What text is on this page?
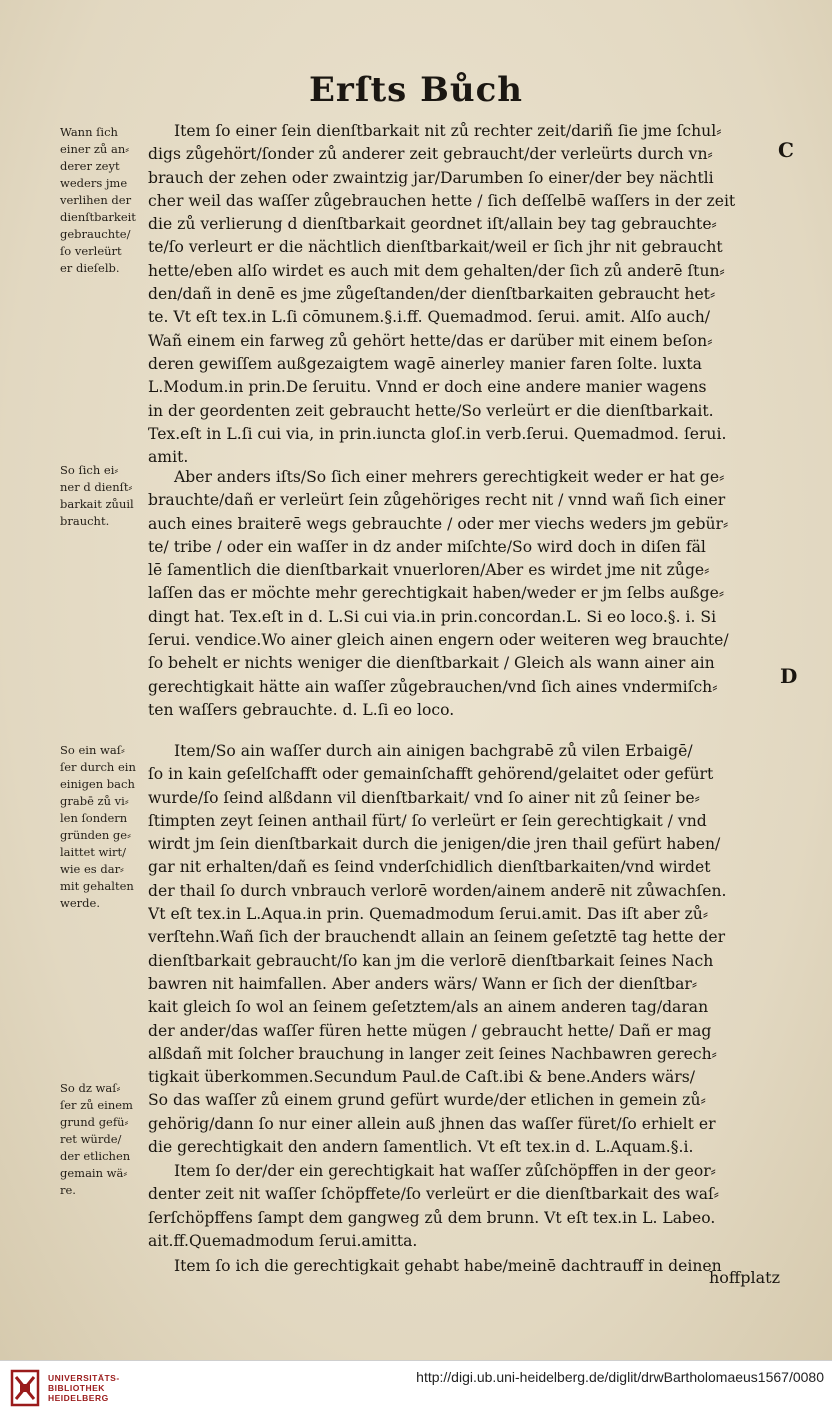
Erſts Bůch
Wann ſich
einer zů an⸗
derer zeyt
weders jme
verlihen der
dienſtbarkeit
gebrauchte/
ſo verleürt
er dieſelb.
So ſich ei⸗
ner d dienſt⸗
barkait zůuil
braucht.
So ein waſ⸗
ſer durch ein
einigen bach
grabē zů vi⸗
len ſondern
gründen ge⸗
laittet wirt/
wie es dar⸗
mit gehalten
werde.
So dz waſ⸗
ſer zů einem
grund gefü⸗
ret würde/
der etlichen
gemain wä⸗
re.
Item ſo einer ſein dienſtbarkait nit zů rechter zeit/dariñ ſie jme ſchul⸗
digs zůgehört/ſonder zů anderer zeit gebraucht/der verleürts durch vn⸗
brauch der zehen oder zwaintzig jar/Darumben ſo einer/der bey nächtli
cher weil das waſſer zůgebrauchen hette / ſich deſſelbē waſſers in der zeit
die zů verlierung d dienſtbarkait geordnet iſt/allain bey tag gebrauchte⸗
te/ſo verleurt er die nächtlich dienſtbarkait/weil er ſich jhr nit gebraucht
hette/eben alſo wirdet es auch mit dem gehalten/der ſich zů anderē ſtun⸗
den/dañ in denē es jme zůgeſtanden/der dienſtbarkaiten gebraucht het⸗
te. Vt eſt tex.in L.ſi cōmunem.§.i.ff. Quemadmod. ſerui. amit. Alſo auch/
Wañ einem ein farweg zů gehört hette/das er darüber mit einem beſon⸗
deren gewiſſem außgezaigtem wagē ainerley manier faren ſolte. luxta
L.Modum.in prin.De ſeruitu. Vnnd er doch eine andere manier wagens
in der geordenten zeit gebraucht hette/So verleürt er die dienſtbarkait.
Tex.eſt in L.ſi cui via, in prin.iuncta gloſ.in verb.ſerui. Quemadmod. ſerui.
amit.
Aber anders iſts/So ſich einer mehrers gerechtigkeit weder er hat ge⸗
brauchte/dañ er verleürt ſein zůgehöriges recht nit / vnnd wañ ſich einer
auch eines braiterē wegs gebrauchte / oder mer viechs weders jm gebür⸗
te/ tribe / oder ein waſſer in dz ander miſchte/So wird doch in diſen fäl
lē ſamentlich die dienſtbarkait vnuerloren/Aber es wirdet jme nit zůge⸗
laſſen das er möchte mehr gerechtigkait haben/weder er jm ſelbs außge⸗
dingt hat. Tex.eſt in d. L.Si cui via.in prin.concordan.L. Si eo loco.§. i. Si
ſerui. vendice.Wo ainer gleich ainen engern oder weiteren weg brauchte/
ſo behelt er nichts weniger die dienſtbarkait / Gleich als wann ainer ain
gerechtigkait hätte ain waſſer zůgebrauchen/vnd ſich aines vndermiſch⸗
ten waſſers gebrauchte. d. L.ſi eo loco.
Item/So ain waſſer durch ain ainigen bachgrabē zů vilen Erbaigē/
ſo in kain geſelſchafft oder gemainſchafft gehörend/gelaitet oder gefürt
wurde/ſo ſeind alßdann vil dienſtbarkait/ vnd ſo ainer nit zů ſeiner be⸗
ſtimpten zeyt ſeinen anthail fürt/ ſo verleürt er ſein gerechtigkait / vnd
wirdt jm ſein dienſtbarkait durch die jenigen/die jren thail gefürt haben/
gar nit erhalten/dañ es ſeind vnderſchidlich dienſtbarkaiten/vnd wirdet
der thail ſo durch vnbrauch verlorē worden/ainem anderē nit zůwachſen.
Vt eſt tex.in L.Aqua.in prin. Quemadmodum ſerui.amit. Das iſt aber zů⸗
verſtehn.Wañ ſich der brauchendt allain an ſeinem geſetztē tag hette der
dienſtbarkait gebraucht/ſo kan jm die verlorē dienſtbarkait ſeines Nach
bawren nit haimfallen. Aber anders wärs/ Wann er ſich der dienſtbar⸗
kait gleich ſo wol an ſeinem geſetztem/als an ainem anderen tag/daran
der ander/das waſſer füren hette mügen / gebraucht hette/ Dañ er mag
alßdañ mit ſolcher brauchung in langer zeit ſeines Nachbawren gerech⸗
tigkait überkommen.Secundum Paul.de Caſt.ibi & bene.Anders wärs/
So das waſſer zů einem grund gefürt wurde/der etlichen in gemein zů⸗
gehörig/dann ſo nur einer allein auß jhnen das waſſer füret/ſo erhielt er
die gerechtigkait den andern ſamentlich. Vt eſt tex.in d. L.Aquam.§.i.
Item ſo der/der ein gerechtigkait hat waſſer zůſchöpffen in der geor⸗
denter zeit nit waſſer ſchöpffete/ſo verleürt er die dienſtbarkait des waſ⸗
ſerſchöpffens ſampt dem gangweg zů dem brunn. Vt eſt tex.in L. Labeo.
ait.ff.Quemadmodum ſerui.amitta.
Item ſo ich die gerechtigkait gehabt habe/meinē dachtrauff in deinen
C
D
hoffplatz
UNIVERSITÄTS-
BIBLIOTHEK
HEIDELBERG
http://digi.ub.uni-heidelberg.de/diglit/drwBartholomaeus1567/0080
